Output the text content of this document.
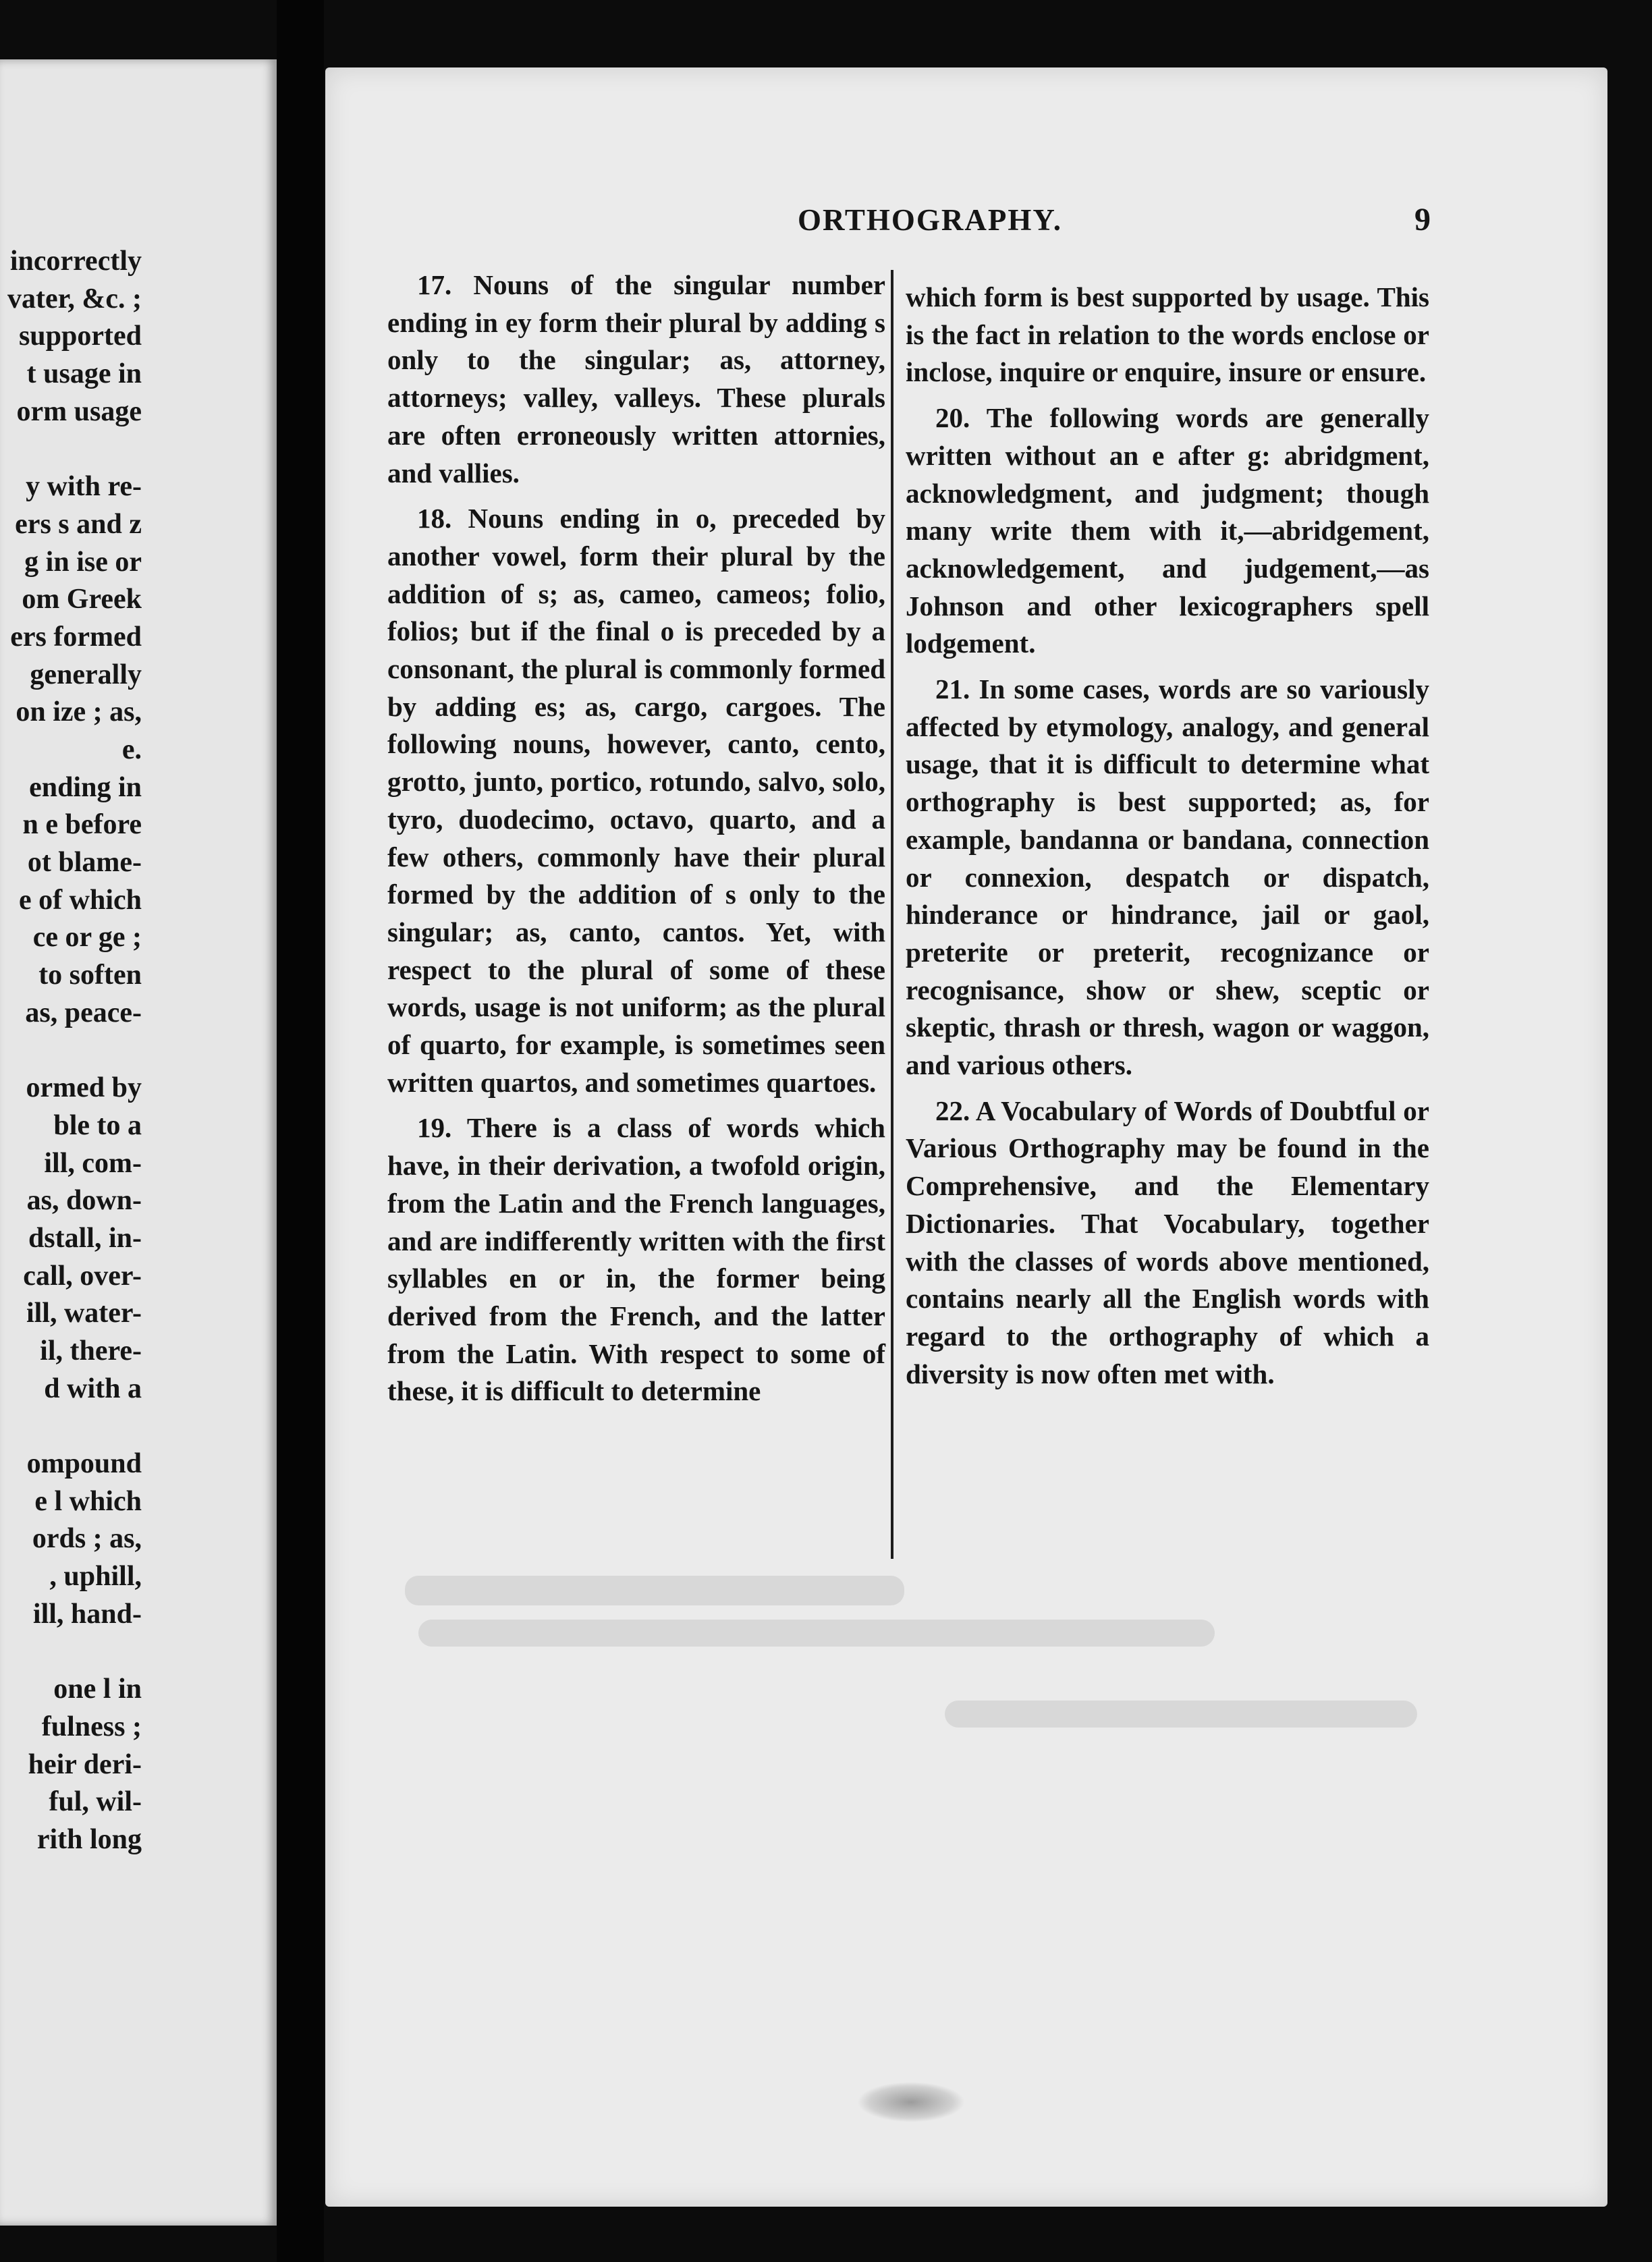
incorrectly
vater, &c. ;
supported
t usage in
orm usage
y with re-
ers s and z
g in ise or
om Greek
ers formed
generally
on ize ; as,
e.
ending in
n e before
ot blame-
e of which
ce or ge ;
to soften
as, peace-
ormed by
ble to a
ill, com-
as, down-
dstall, in-
call, over-
ill, water-
il, there-
d with a
ompound
e l which
ords ; as,
, uphill,
ill, hand-
one l in
fulness ;
heir deri-
ful, wil-
rith long
ORTHOGRAPHY.	9

17. Nouns of the singular number ending in ey form their plural by adding s only to the singular; as, attorney, attorneys; valley, valleys. These plurals are often erroneously written attornies, and vallies.

18. Nouns ending in o, preceded by another vowel, form their plural by the addition of s; as, cameo, cameos; folio, folios; but if the final o is preceded by a consonant, the plural is commonly formed by adding es; as, cargo, cargoes. The following nouns, however, canto, cento, grotto, junto, portico, rotundo, salvo, solo, tyro, duodecimo, octavo, quarto, and a few others, commonly have their plural formed by the addition of s only to the singular; as, canto, cantos. Yet, with respect to the plural of some of these words, usage is not uniform; as the plural of quarto, for example, is sometimes seen written quartos, and sometimes quartoes.

19. There is a class of words which have, in their derivation, a twofold origin, from the Latin and the French languages, and are indifferently written with the first syllables en or in, the former being derived from the French, and the latter from the Latin. With respect to some of these, it is difficult to determine

which form is best supported by usage. This is the fact in relation to the words enclose or inclose, inquire or enquire, insure or ensure.

20. The following words are generally written without an e after g: abridgment, acknowledgment, and judgment; though many write them with it,—abridgement, acknowledgement, and judgement,—as Johnson and other lexicographers spell lodgement.

21. In some cases, words are so variously affected by etymology, analogy, and general usage, that it is difficult to determine what orthography is best supported; as, for example, bandanna or bandana, connection or connexion, despatch or dispatch, hinderance or hindrance, jail or gaol, preterite or preterit, recognizance or recognisance, show or shew, sceptic or skeptic, thrash or thresh, wagon or waggon, and various others.

22. A Vocabulary of Words of Doubtful or Various Orthography may be found in the Comprehensive, and the Elementary Dictionaries. That Vocabulary, together with the classes of words above mentioned, contains nearly all the English words with regard to the orthography of which a diversity is now often met with.
